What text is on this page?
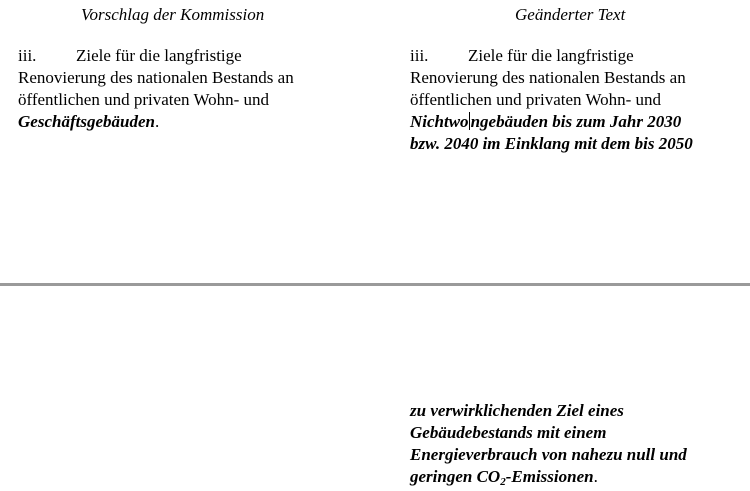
Vorschlag der Kommission	Geänderter Text
iii. Ziele für die langfristige
Renovierung des nationalen Bestands an
öffentlichen und privaten Wohn- und
Geschäftsgebäuden.
iii. Ziele für die langfristige
Renovierung des nationalen Bestands an
öffentlichen und privaten Wohn- und
Nichtwo ngebäuden bis zum Jahr 2030
bzw. 2040 im Einklang mit dem bis 2050
zu verwirklichenden Ziel eines
Gebäudebestands mit einem
Energieverbrauch von nahezu null und
geringen $CO_2$-Emissionen.
